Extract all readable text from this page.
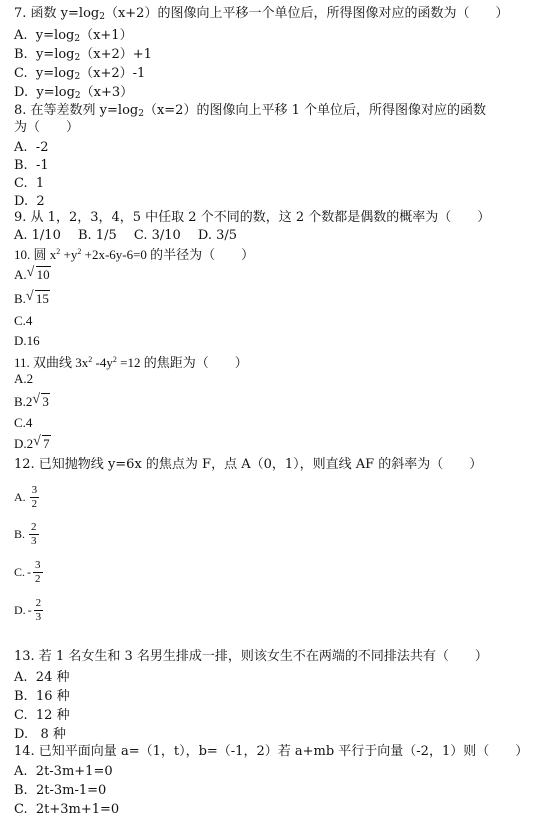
7. 函数 $y=\log_2(x+2)$的图像向上平移一个单位后，所得图像对应的函数为（　　）
A. $y=\log_2(x+1)$
B. $y=\log_2(x+2)+1$
C. $y=\log_2(x+2)-1$
D. $y=\log_2(x+3)$
8. 在等差数列 $y=\log_2(x=2)$的图像向上平移 1 个单位后，所得图像对应的函数
为（　　）
A. -2
B. -1
C. 1
D. 2
9. 从 1，2，3，4，5 中任取 2 个不同的数，这 2 个数都是偶数的概率为（　　）
A. 1/10　 B. 1/5　 C. 3/10　 D. 3/5
10. 圆 $x^2 +y^2 +2x-6y-6=0$ 的半径为（　　）
A. √ 10
B. √ 15
C.4
D.16
11. 双曲线 $3x^2$ $-4y^2 =12$ 的焦距为（　　）
A.2
B.2 √ 3
C.4
D.2 √ 7
12. 已知抛物线 y=6x 的焦点为 F，点 A（0，1），则直线 AF 的斜率为（　　）
A. $\frac{3}{2}$
B. $\frac{2}{3}$
C. - $\frac{3}{2}$
D. - $\frac{2}{3}$
13. 若 1 名女生和 3 名男生排成一排，则该女生不在两端的不同排法共有（　　）
A. 24 种
B. 16 种
C. 12 种
D.   8 种
14. 已知平面向量 a=（1，t），b=（-1，2）若 a+mb 平行于向量（-2，1）则（　　）
A. 2t-3m+1=0
B. 2t-3m-1=0
C. 2t+3m+1=0
